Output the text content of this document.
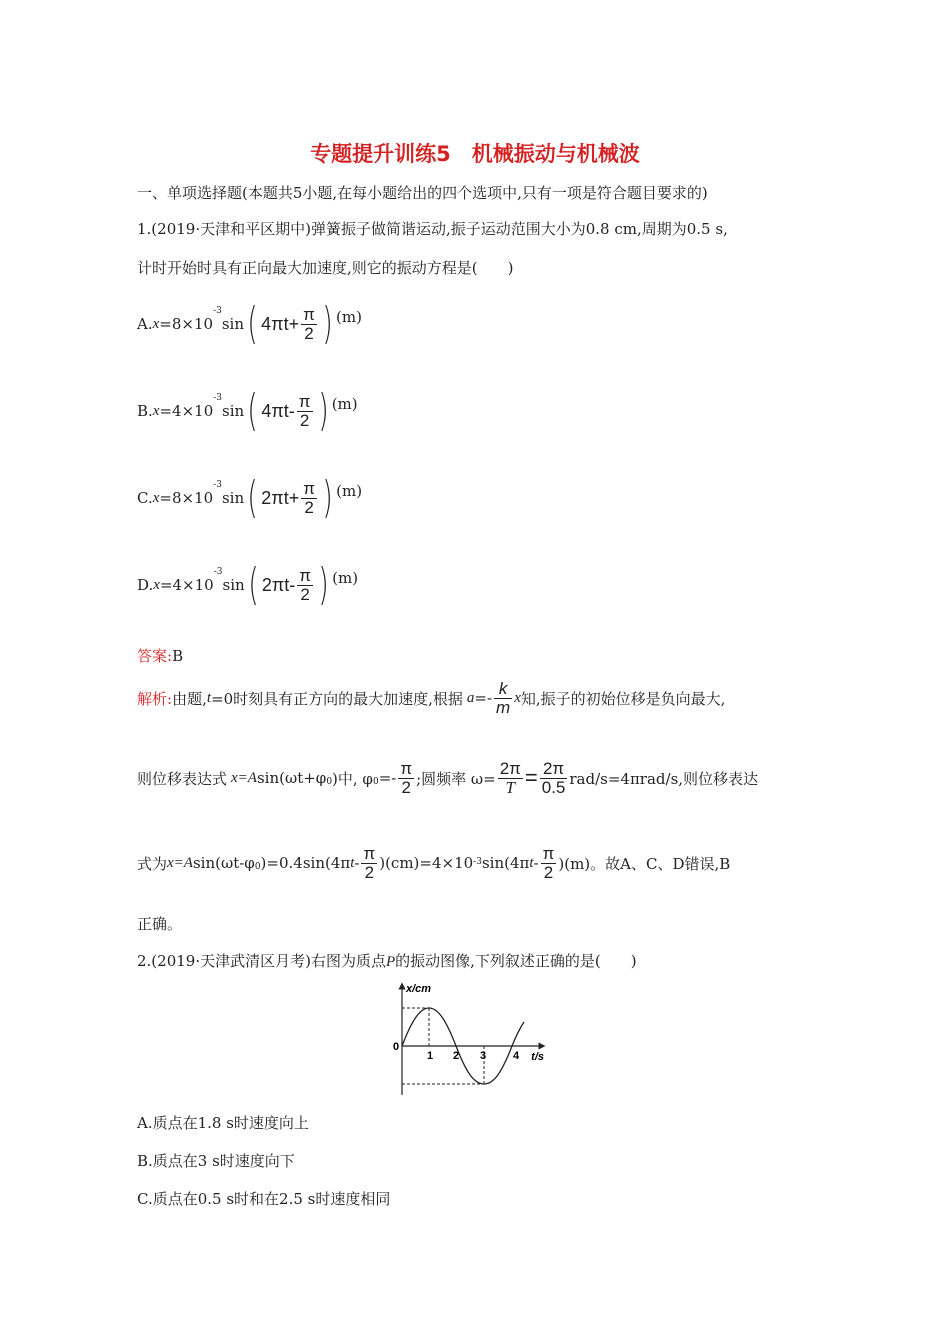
专题提升训练5　机械振动与机械波
一、单项选择题(本题共5小题,在每小题给出的四个选项中,只有一项是符合题目要求的)
1.(2019·天津和平区期中)弹簧振子做简谐运动,振子运动范围大小为0.8 cm,周期为0.5 s,
计时开始时具有正向最大加速度,则它的振动方程是(　　)
A. x =8×10
$^{-3}$
sin ( $4\pi t+ \frac{\pi}{2}$ ) (m)
B. x =4×10
$^{-3}$
sin ( $4\pi t- \frac{\pi}{2}$ ) (m)
C. x =8×10
$^{-3}$
sin ( $2\pi t+ \frac{\pi}{2}$ ) (m)
D. x =4×10
$^{-3}$
sin ( $2\pi t- \frac{\pi}{2}$ ) (m)
答案:B
解析: 由题, t =0时刻具有正方向的最大加速度,根据 $a =- \frac{k}{m}$ x 知,振子的初始位移是负向最大,
则位移表达式 x=A $\sin(\omega t+\varphi_0$ )中, $\varphi_0 =- \frac{\pi}{2}$ ;圆频率 $\omega= \frac{2\pi}{T} = \frac{2\pi}{0.5} rad/s=4\pi rad/s$,则位移表达
式为 x=A $\sin(\omega t-\varphi_0$ )=0.4sin(4π $t - \frac{\pi}{2} )(cm)=4\times 10$ -3 sin(4π t - $\frac{\pi}{2} )(m)$。故A、C、D错误,B
正确。
2.(2019·天津武清区月考)右图为质点P的振动图像,下列叙述正确的是(　　)
x/cm
t/s
0
1 2 3 4
A.质点在1.8 s时速度向上
B.质点在3 s时速度向下
C.质点在0.5 s时和在2.5 s时速度相同
